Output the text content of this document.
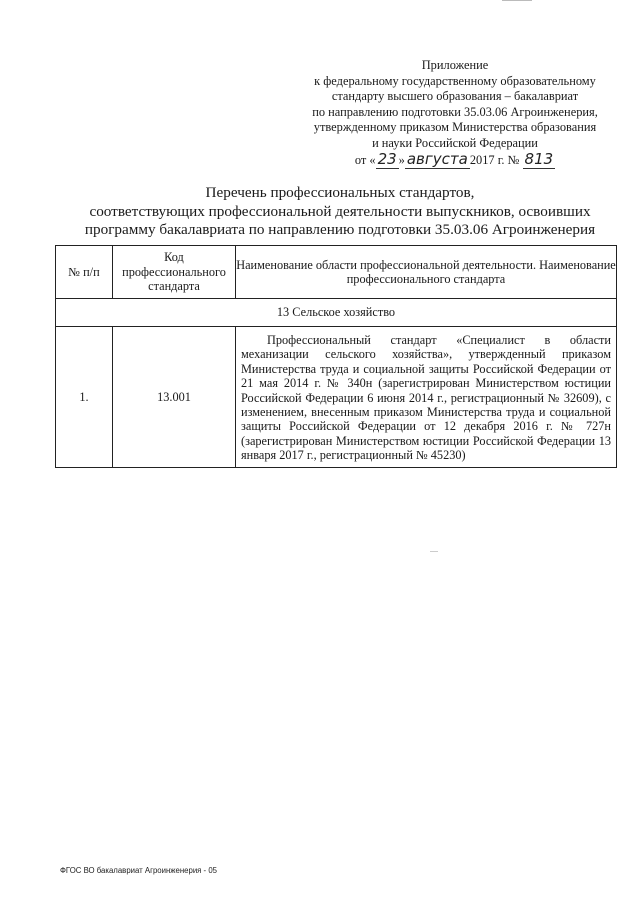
Приложение
к федеральному государственному образовательному
стандарту высшего образования – бакалавриат
по направлению подготовки 35.03.06 Агроинженерия,
утвержденному приказом Министерства образования
и науки Российской Федерации
от « 23 » августа 2017 г. № 813
Перечень профессиональных стандартов,
соответствующих профессиональной деятельности выпускников, освоивших
программу бакалавриата по направлению подготовки 35.03.06 Агроинженерия
№ п/п	Код профессионального стандарта	Наименование области профессиональной деятельности. Наименование профессионального стандарта
13 Сельское хозяйство		
1.	13.001	Профессиональный стандарт «Специалист в области механизации сельского хозяйства», утвержденный приказом Министерства труда и социальной защиты Российской Федерации от 21 мая 2014 г. № 340н (зарегистрирован Министерством юстиции Российской Федерации 6 июня 2014 г., регистрационный № 32609), с изменением, внесенным приказом Министерства труда и социальной защиты Российской Федерации от 12 декабря 2016 г. № 727н (зарегистрирован Министерством юстиции Российской Федерации 13 января 2017 г., регистрационный № 45230)
ФГОС ВО бакалавриат Агроинженерия - 05
